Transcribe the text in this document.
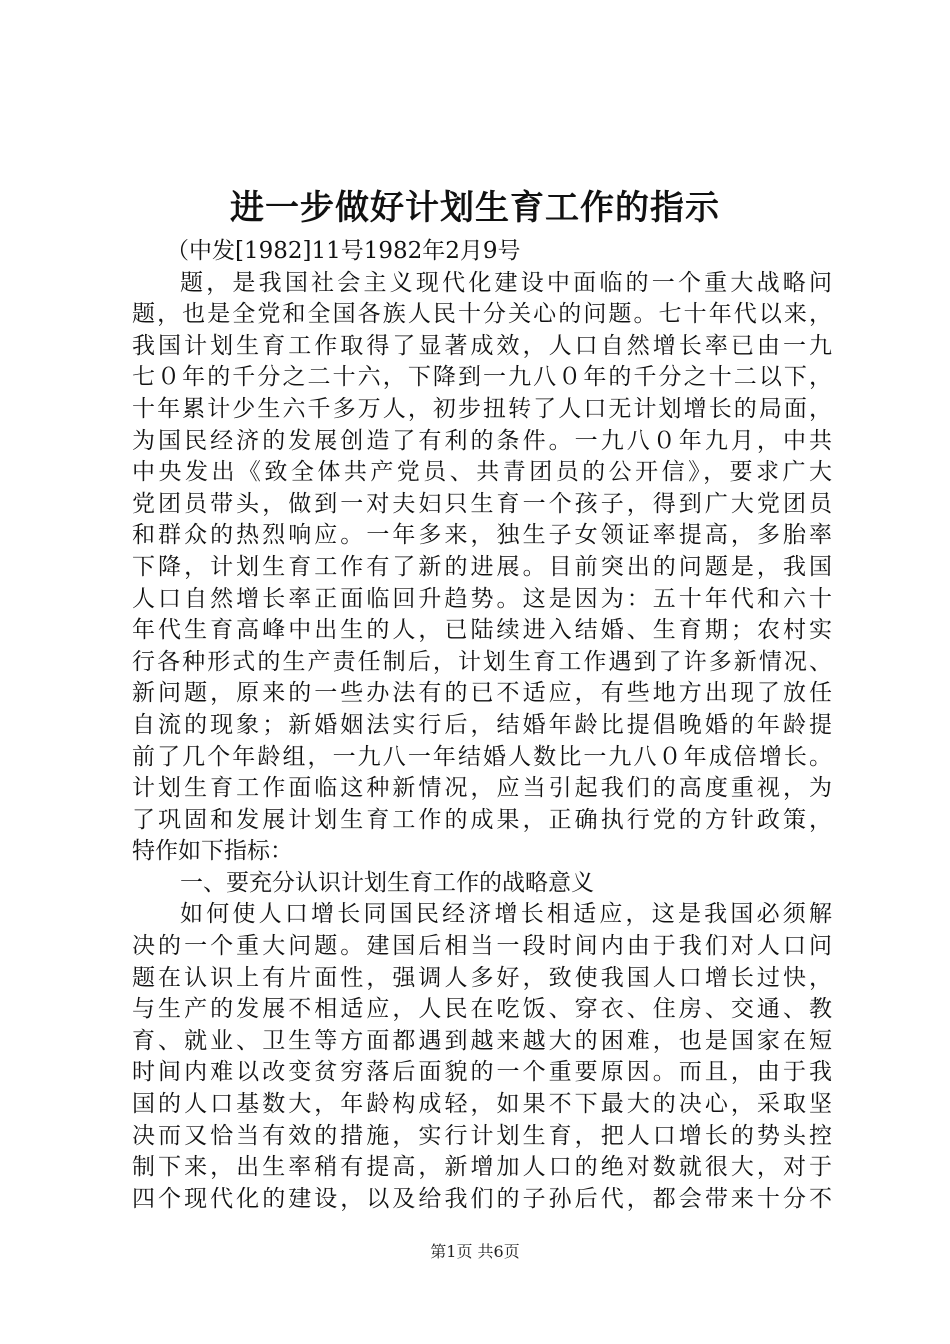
进一步做好计划生育工作的指示
（中发[1982]11号1982年2月9号
题，是我国社会主义现代化建设中面临的一个重大战略问
题，也是全党和全国各族人民十分关心的问题。七十年代以来，
我国计划生育工作取得了显著成效，人口自然增长率已由一九
七０年的千分之二十六，下降到一九八０年的千分之十二以下，
十年累计少生六千多万人，初步扭转了人口无计划增长的局面，
为国民经济的发展创造了有利的条件。一九八０年九月，中共
中央发出《致全体共产党员、共青团员的公开信》，要求广大
党团员带头，做到一对夫妇只生育一个孩子，得到广大党团员
和群众的热烈响应。一年多来，独生子女领证率提高，多胎率
下降，计划生育工作有了新的进展。目前突出的问题是，我国
人口自然增长率正面临回升趋势。这是因为：五十年代和六十
年代生育高峰中出生的人，已陆续进入结婚、生育期；农村实
行各种形式的生产责任制后，计划生育工作遇到了许多新情况、
新问题，原来的一些办法有的已不适应，有些地方出现了放任
自流的现象；新婚姻法实行后，结婚年龄比提倡晚婚的年龄提
前了几个年龄组，一九八一年结婚人数比一九八０年成倍增长。
计划生育工作面临这种新情况，应当引起我们的高度重视，为
了巩固和发展计划生育工作的成果，正确执行党的方针政策，
特作如下指标：
一、要充分认识计划生育工作的战略意义
如何使人口增长同国民经济增长相适应，这是我国必须解
决的一个重大问题。建国后相当一段时间内由于我们对人口问
题在认识上有片面性，强调人多好，致使我国人口增长过快，
与生产的发展不相适应，人民在吃饭、穿衣、住房、交通、教
育、就业、卫生等方面都遇到越来越大的困难，也是国家在短
时间内难以改变贫穷落后面貌的一个重要原因。而且，由于我
国的人口基数大，年龄构成轻，如果不下最大的决心，采取坚
决而又恰当有效的措施，实行计划生育，把人口增长的势头控
制下来，出生率稍有提高，新增加人口的绝对数就很大，对于
四个现代化的建设，以及给我们的子孙后代，都会带来十分不
第1页 共6页
